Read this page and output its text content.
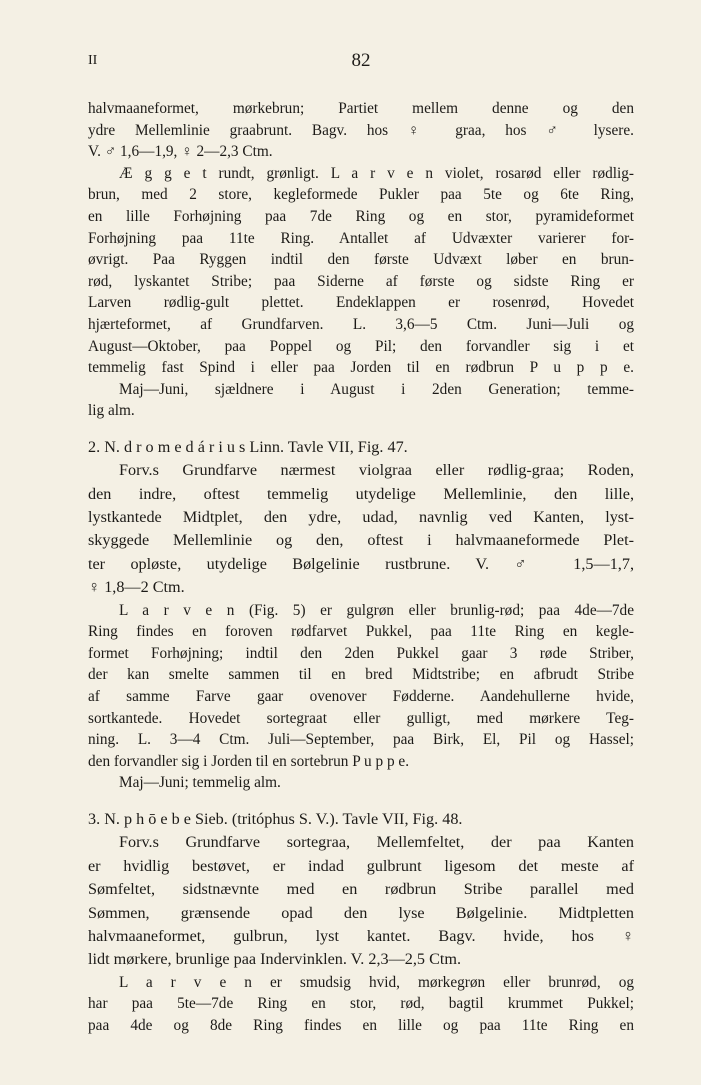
II	82
halvmaaneformet, mørkebrun; Partiet mellem denne og den
ydre Mellemlinie graabrunt. Bagv. hos ♀ graa, hos ♂ lysere.
V. ♂ 1,6—1,9, ♀ 2—2,3 Ctm.
Æ g g e t rundt, grønligt. L a r v e n violet, rosarød eller rødlig-
brun, med 2 store, kegleformede Pukler paa 5te og 6te Ring,
en lille Forhøjning paa 7de Ring og en stor, pyramideformet
Forhøjning paa 11te Ring. Antallet af Udvæxter varierer for-
øvrigt. Paa Ryggen indtil den første Udvæxt løber en brun-
rød, lyskantet Stribe; paa Siderne af første og sidste Ring er
Larven rødlig-gult plettet. Endeklappen er rosenrød, Hovedet
hjærteformet, af Grundfarven. L. 3,6—5 Ctm. Juni—Juli og
August—Oktober, paa Poppel og Pil; den forvandler sig i et
temmelig fast Spind i eller paa Jorden til en rødbrun P u p p e.
Maj—Juni, sjældnere i August i 2den Generation; temme-
lig alm.
2. N. d r o m e d á r i u s Linn. Tavle VII, Fig. 47.
Forv.s Grundfarve nærmest violgraa eller rødlig-graa; Roden,
den indre, oftest temmelig utydelige Mellemlinie, den lille,
lystkantede Midtplet, den ydre, udad, navnlig ved Kanten, lyst-
skyggede Mellemlinie og den, oftest i halvmaaneformede Plet-
ter opløste, utydelige Bølgelinie rustbrune. V. ♂ 1,5—1,7,
♀ 1,8—2 Ctm.
L a r v e n (Fig. 5) er gulgrøn eller brunlig-rød; paa 4de—7de
Ring findes en foroven rødfarvet Pukkel, paa 11te Ring en kegle-
formet Forhøjning; indtil den 2den Pukkel gaar 3 røde Striber,
der kan smelte sammen til en bred Midtstribe; en afbrudt Stribe
af samme Farve gaar ovenover Fødderne. Aandehullerne hvide,
sortkantede. Hovedet sortegraat eller gulligt, med mørkere Teg-
ning. L. 3—4 Ctm. Juli—September, paa Birk, El, Pil og Hassel;
den forvandler sig i Jorden til en sortebrun P u p p e.
Maj—Juni; temmelig alm.
3. N. p h ō e b e Sieb. (tritóphus S. V.). Tavle VII, Fig. 48.
Forv.s Grundfarve sortegraa, Mellemfeltet, der paa Kanten
er hvidlig bestøvet, er indad gulbrunt ligesom det meste af
Sømfeltet, sidstnævnte med en rødbrun Stribe parallel med
Sømmen, grænsende opad den lyse Bølgelinie. Midtpletten
halvmaaneformet, gulbrun, lyst kantet. Bagv. hvide, hos ♀
lidt mørkere, brunlige paa Indervinklen. V. 2,3—2,5 Ctm.
L a r v e n er smudsig hvid, mørkegrøn eller brunrød, og
har paa 5te—7de Ring en stor, rød, bagtil krummet Pukkel;
paa 4de og 8de Ring findes en lille og paa 11te Ring en
